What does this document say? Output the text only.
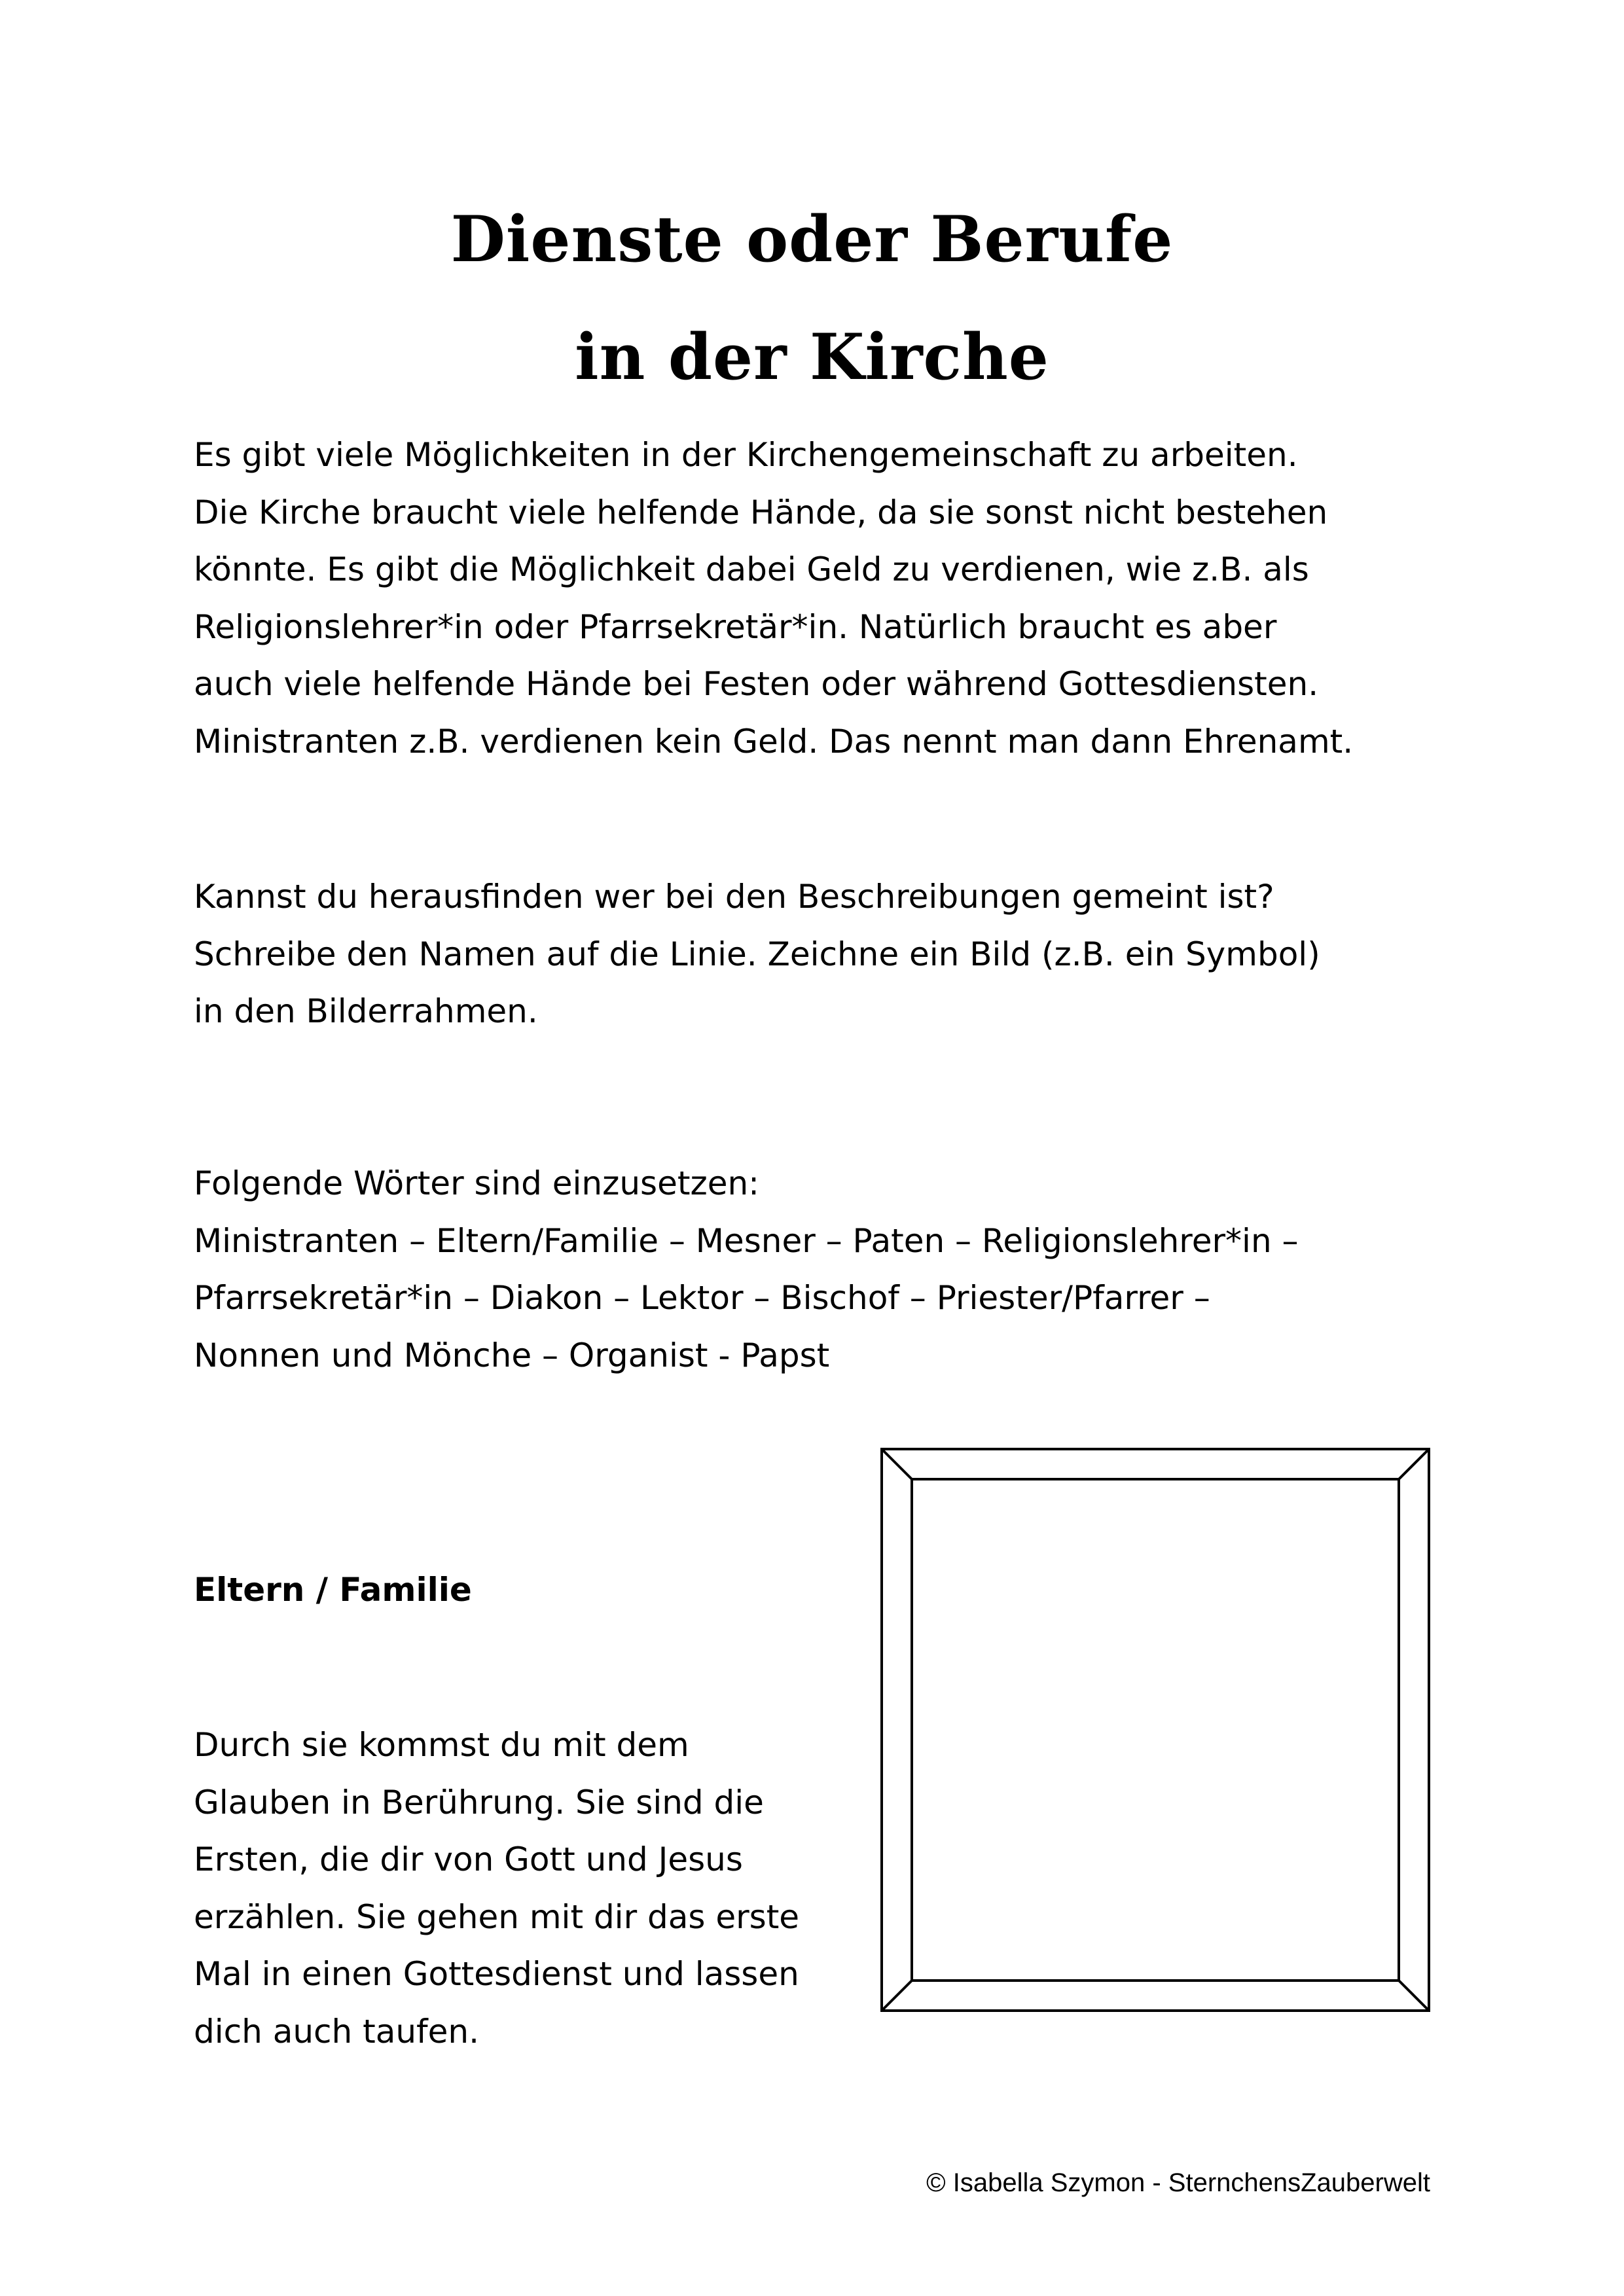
Dienste oder Berufe
in der Kirche
Es gibt viele Möglichkeiten in der Kirchengemeinschaft zu arbeiten.
Die Kirche braucht viele helfende Hände, da sie sonst nicht bestehen
könnte. Es gibt die Möglichkeit dabei Geld zu verdienen, wie z.B. als
Religionslehrer*in oder Pfarrsekretär*in. Natürlich braucht es aber
auch viele helfende Hände bei Festen oder während Gottesdiensten.
Ministranten z.B. verdienen kein Geld. Das nennt man dann Ehrenamt.
Kannst du herausfinden wer bei den Beschreibungen gemeint ist?
Schreibe den Namen auf die Linie. Zeichne ein Bild (z.B. ein Symbol)
in den Bilderrahmen.
Folgende Wörter sind einzusetzen:
Ministranten – Eltern/Familie – Mesner – Paten – Religionslehrer*in –
Pfarrsekretär*in – Diakon – Lektor – Bischof – Priester/Pfarrer –
Nonnen und Mönche – Organist - Papst
Eltern / Familie
Durch sie kommst du mit dem
Glauben in Berührung. Sie sind die
Ersten, die dir von Gott und Jesus
erzählen. Sie gehen mit dir das erste
Mal in einen Gottesdienst und lassen
dich auch taufen.
© Isabella Szymon - SternchensZauberwelt
